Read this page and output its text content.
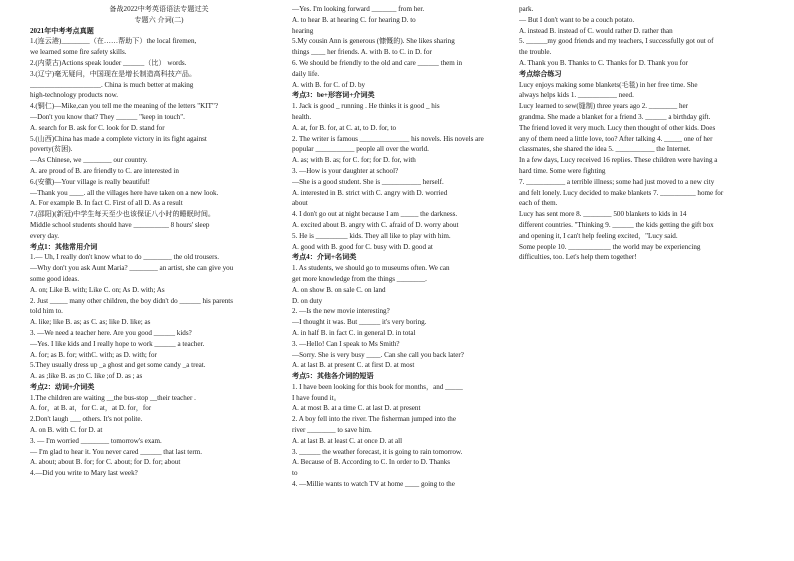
备战2022中考英语语法专题过关
专题六 介词(二)
2021年中考考点真题
1.(连云港)________（在……帮助下）the local firemen,
we learned some fire safety skills.
2.(内蒙古)Actions speak louder ______（比） words.
3.(辽宁)毫无疑问，中国现在是增长制造高科技产品。
____________________. China is much better at making
high-technology products now.
4.(铜仁)—Mike,can you tell me the meaning of the letters "KIT"?
—Don't you know that? They ______ "keep in touch".
A. search for B. ask for C. look for D. stand for
5.(山西)China has made a complete victory in its fight against
poverty(贫困).
—As Chinese, we ________ our country.
A. are proud of B. are friendly to C. are interested in
6.(安徽)—Your village is really beautiful!
—Thank you ____. all the villages here have taken on a new look.
A. For example B. In fact C. First of all D. As a result
7.(邵阳)(新冠)中学生每天至少也该保证八小时的睡眠时间。
Middle school students should have __________ 8 hours' sleep
every day.
考点1：其他常用介词
1.— Uh, I really don't know what to do ________ the old trousers.
—Why don't you ask Aunt Maria? ________ an artist, she can give you
some good ideas.
A. on; Like B. with; Like C. on; As D. with; As
2. Just _____ many other children, the boy didn't do ______ his parents
told him to.
A. like; like B. as; as C. as; like D. like; as
3. —We need a teacher here. Are you good ______ kids?
—Yes. I like kids and I really hope to work ______ a teacher.
A. for; as B. for; withC. with; as D. with; for
5.They usually dress up _a ghost and get some candy _a treat.
A. as ;like B. as ;to C. like ;of D. as ; as
考点2：动词+介词类
1.The children are waiting __the bus-stop __their teacher .
A. for，at B. at，for C. at，at D. for，for
2.Don't laugh ___ others. It's not polite.
A. on B. with C. for D. at
3. — I'm worried ________ tomorrow's exam.
— I'm glad to hear it. You never cared ______ that last term.
A. about; about B. for; for C. about; for D. for; about
4.—Did you write to Mary last week?
—Yes. I'm looking forward _______ from her.
A. to hear B. at hearing C. for hearing D. to
hearing
5.My cousin Ann is generous (慷慨的). She likes sharing
things ____ her friends. A. with B. to C. in D. for
6. We should be friendly to the old and care ______ them in
daily life.
A. with B. for C. of D. by
考点3：be+形容词+介词类
1. Jack is good _ running . He thinks it is good _ his
health.
A. at, for B. for, at C. at, to D. for, to
2. The writer is famous ______________ his novels. His novels are
popular ___________ people all over the world.
A. as; with B. as; for C. for; for D. for, with
3. —How is your daughter at school?
—She is a good student. She is ___________ herself.
A. interested in B. strict with C. angry with D. worried
about
4. I don't go out at night because I am _____ the darkness.
A. excited about B. angry with C. afraid of D. worry about
5. He is _________ kids. They all like to play with him.
A. good with B. good for C. busy with D. good at
考点4：介词+名词类
1. As students, we should go to museums often. We can
get more knowledge from the things ________.
A. on show B. on sale C. on land
D. on duty
2. —Is the new movie interesting?
—I thought it was. But ______ it's very boring.
A. in half B. in fact C. in general D. in total
3. —Hello! Can I speak to Ms Smith?
—Sorry. She is very busy ____. Can she call you back later?
A. at last B. at present C. at first D. at most
考点5：其他各介词的短语
1. I have been looking for this book for months，and _____
I have found it。
A. at most B. at a time C. at last D. at present
2. A boy fell into the river. The fisherman jumped into the
river ________ to save him.
A. at last B. at least C. at once D. at all
3. ______ the weather forecast, it is going to rain tomorrow.
A. Because of B. According to C. In order to D. Thanks
to
4. —Millie wants to watch TV at home ____ going to the
park.
— But I don't want to be a couch potato.
A. instead B. instead of C. would rather D. rather than
5. ______my good friends and my teachers, I successfully got out of
the trouble.
A. Thank you B. Thanks to C. Thanks for D. Thank you for
考点综合练习
Lucy enjoys making some blankets(毛毯) in her free time. She
always helps kids 1. ___________ need.
Lucy learned to sew(缝制) three years ago 2. ________ her
grandma. She made a blanket for a friend 3. ______ a birthday gift.
The friend loved it very much. Lucy then thought of other kids. Does
any of them need a little love, too? After talking 4. _____ one of her
classmates, she shared the idea 5. ___________ the Internet.
In a few days, Lucy received 16 replies. These children were having a
hard time. Some were fighting
7. ___________ a terrible illness; some had just moved to a new city
and felt lonely. Lucy decided to make blankets 7. __________ home for
each of them.
Lucy has sent more 8. ________ 500 blankets to kids in 14
different countries. "Thinking 9. ______ the kids getting the gift box
and opening it, I can't help feeling excited，"Lucy said.
Some people 10. ____________ the world may be experiencing
difficulties, too. Let's help them together!
